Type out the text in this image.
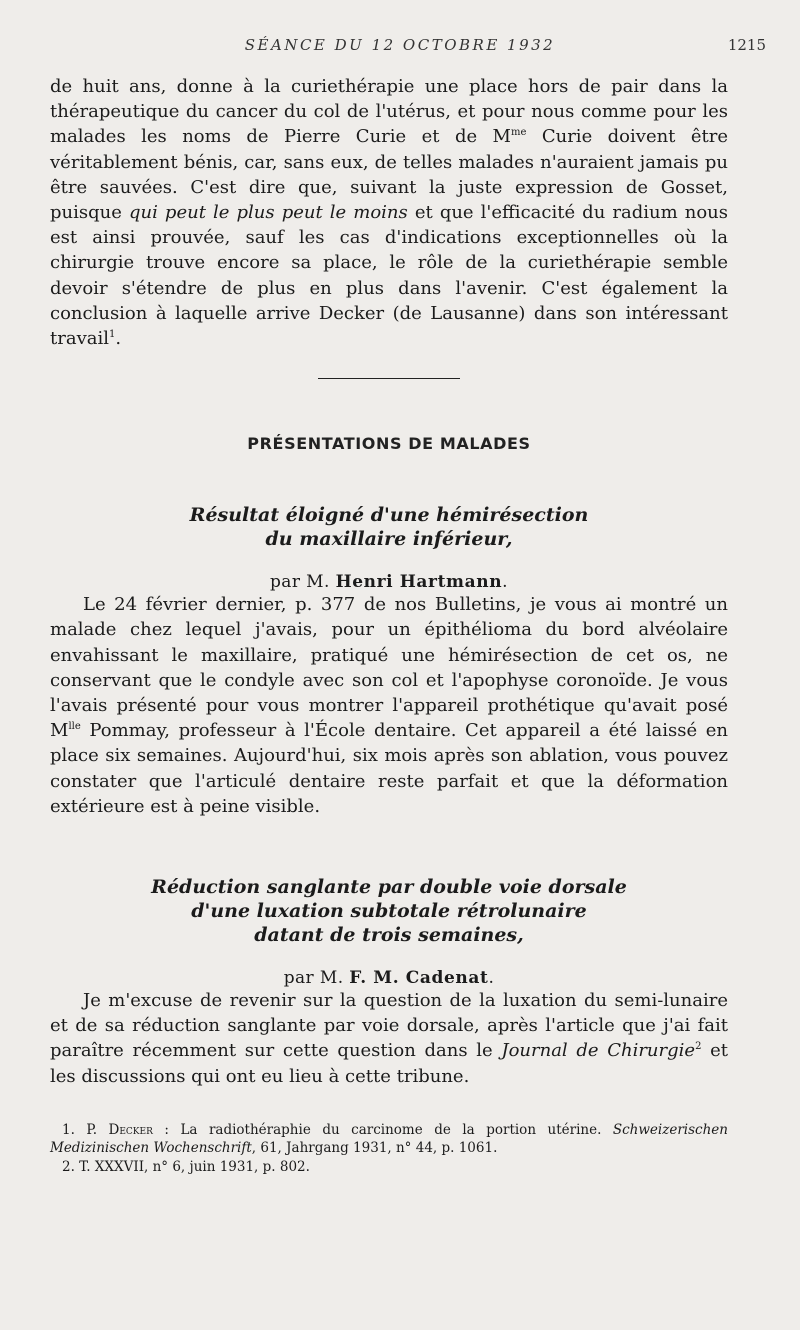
SÉANCE DU 12 OCTOBRE 1932	1215

de huit ans, donne à la curiethérapie une place hors de pair dans la thérapeutique du cancer du col de l'utérus, et pour nous comme pour les malades les noms de Pierre Curie et de $M^{me}$ Curie doivent être véritablement bénis, car, sans eux, de telles malades n'auraient jamais pu être sauvées. C'est dire que, suivant la juste expression de Gosset, puisque qui peut le plus peut le moins et que l'efficacité du radium nous est ainsi prouvée, sauf les cas d'indications exceptionnelles où la chirurgie trouve encore sa place, le rôle de la curiethérapie semble devoir s'étendre de plus en plus dans l'avenir. C'est également la conclusion à laquelle arrive Decker (de Lausanne) dans son intéressant travail$^1$.

PRÉSENTATIONS DE MALADES
Résultat éloigné d'une hémirésection
du maxillaire inférieur,
par M. Henri Hartmann.

Le 24 février dernier, p. 377 de nos Bulletins, je vous ai montré un malade chez lequel j'avais, pour un épithélioma du bord alvéolaire envahissant le maxillaire, pratiqué une hémirésection de cet os, ne conservant que le condyle avec son col et l'apophyse coronoïde. Je vous l'avais présenté pour vous montrer l'appareil prothétique qu'avait posé $M^{lle}$ Pommay, professeur à l'École dentaire. Cet appareil a été laissé en place six semaines. Aujourd'hui, six mois après son ablation, vous pouvez constater que l'articulé dentaire reste parfait et que la déformation extérieure est à peine visible.

Réduction sanglante par double voie dorsale
d'une luxation subtotale rétrolunaire
datant de trois semaines,
par M. F. M. Cadenat.

Je m'excuse de revenir sur la question de la luxation du semi-lunaire et de sa réduction sanglante par voie dorsale, après l'article que j'ai fait paraître récemment sur cette question dans le Journal de Chirurgie$^2$ et les discussions qui ont eu lieu à cette tribune.

1. P. Decker : La radiothéraphie du carcinome de la portion utérine. Schweizerischen Medizinischen Wochenschrift, 61, Jahrgang 1931, n° 44, p. 1061.
2. T. XXXVII, n° 6, juin 1931, p. 802.
